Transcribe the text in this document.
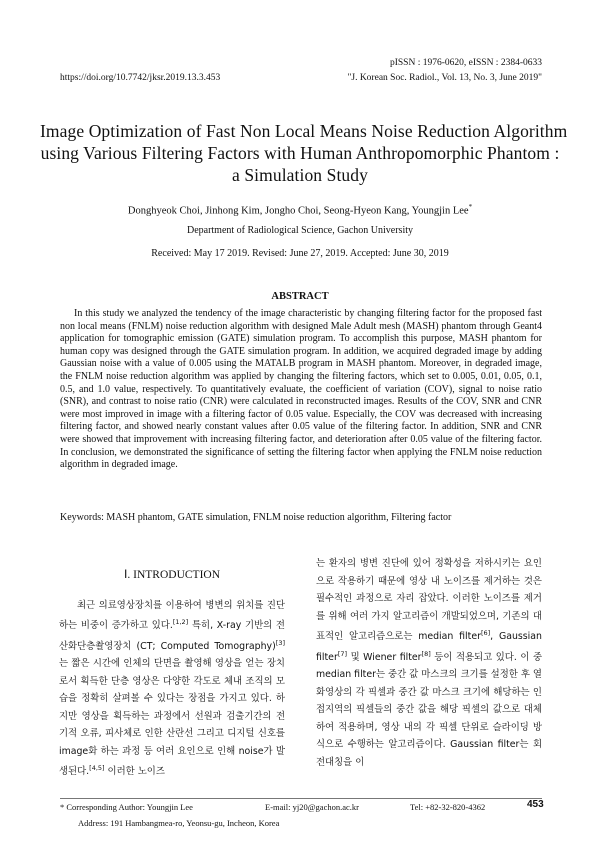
pISSN : 1976-0620, eISSN : 2384-0633
https://doi.org/10.7742/jksr.2019.13.3.453	"J. Korean Soc. Radiol., Vol. 13, No. 3, June 2019"
Image Optimization of Fast Non Local Means Noise Reduction Algorithm
using Various Filtering Factors with Human Anthropomorphic Phantom :
a Simulation Study
Donghyeok Choi, Jinhong Kim, Jongho Choi, Seong-Hyeon Kang, Youngjin Lee*
Department of Radiological Science, Gachon University
Received: May 17 2019. Revised: June 27, 2019. Accepted: June 30, 2019
ABSTRACT

In this study we analyzed the tendency of the image characteristic by changing filtering factor for the proposed fast non local means (FNLM) noise reduction algorithm with designed Male Adult mesh (MASH) phantom through Geant4 application for tomographic emission (GATE) simulation program. To accomplish this purpose, MASH phantom for human copy was designed through the GATE simulation program. In addition, we acquired degraded image by adding Gaussian noise with a value of 0.005 using the MATALB program in MASH phantom. Moreover, in degraded image, the FNLM noise reduction algorithm was applied by changing the filtering factors, which set to 0.005, 0.01, 0.05, 0.1, 0.5, and 1.0 value, respectively. To quantitatively evaluate, the coefficient of variation (COV), signal to noise ratio (SNR), and contrast to noise ratio (CNR) were calculated in reconstructed images. Results of the COV, SNR and CNR were most improved in image with a filtering factor of 0.05 value. Especially, the COV was decreased with increasing filtering factor, and showed nearly constant values after 0.05 value of the filtering factor. In addition, SNR and CNR were showed that improvement with increasing filtering factor, and deterioration after 0.05 value of the filtering factor. In conclusion, we demonstrated the significance of setting the filtering factor when applying the FNLM noise reduction algorithm in degraded image.

Keywords: MASH phantom, GATE simulation, FNLM noise reduction algorithm, Filtering factor
Ⅰ. INTRODUCTION

최근 의료영상장치를 이용하여 병변의 위치를 진단하는 비중이 증가하고 있다.[1,2] 특히, X-ray 기반의 전산화단층촬영장치 (CT; Computed Tomography)[3]는 짧은 시간에 인체의 단면을 촬영해 영상을 얻는 장치로서 획득한 단층 영상은 다양한 각도로 체내 조직의 모습을 정확히 살펴볼 수 있다는 장점을 가지고 있다. 하지만 영상을 획득하는 과정에서 선원과 검출기간의 전기적 오류, 피사체로 인한 산란선 그리고 디지털 신호를 image화 하는 과정 등 여러 요인으로 인해 noise가 발생된다.[4,5] 이러한 노이즈

는 환자의 병변 진단에 있어 정확성을 저하시키는 요인으로 작용하기 때문에 영상 내 노이즈를 제거하는 것은 필수적인 과정으로 자리 잡았다. 이러한 노이즈를 제거를 위해 여러 가지 알고리즘이 개발되었으며, 기존의 대표적인 알고리즘으로는 median filter[6], Gaussian filter[7] 및 Wiener filter[8] 등이 적용되고 있다. 이 중 median filter는 중간 값 마스크의 크기를 설정한 후 열화영상의 각 픽셀과 중간 값 마스크 크기에 해당하는 인접지역의 픽셀들의 중간 값을 해당 픽셀의 값으로 대체하여 적용하며, 영상 내의 각 픽셀 단위로 슬라이딩 방식으로 수행하는 알고리즘이다. Gaussian filter는 회전대칭을 이

* Corresponding Author: Youngjin Lee	E-mail: yj20@gachon.ac.kr	Tel: +82-32-820-4362
Address: 191 Hambangmea-ro, Yeonsu-gu, Incheon, Korea
453
